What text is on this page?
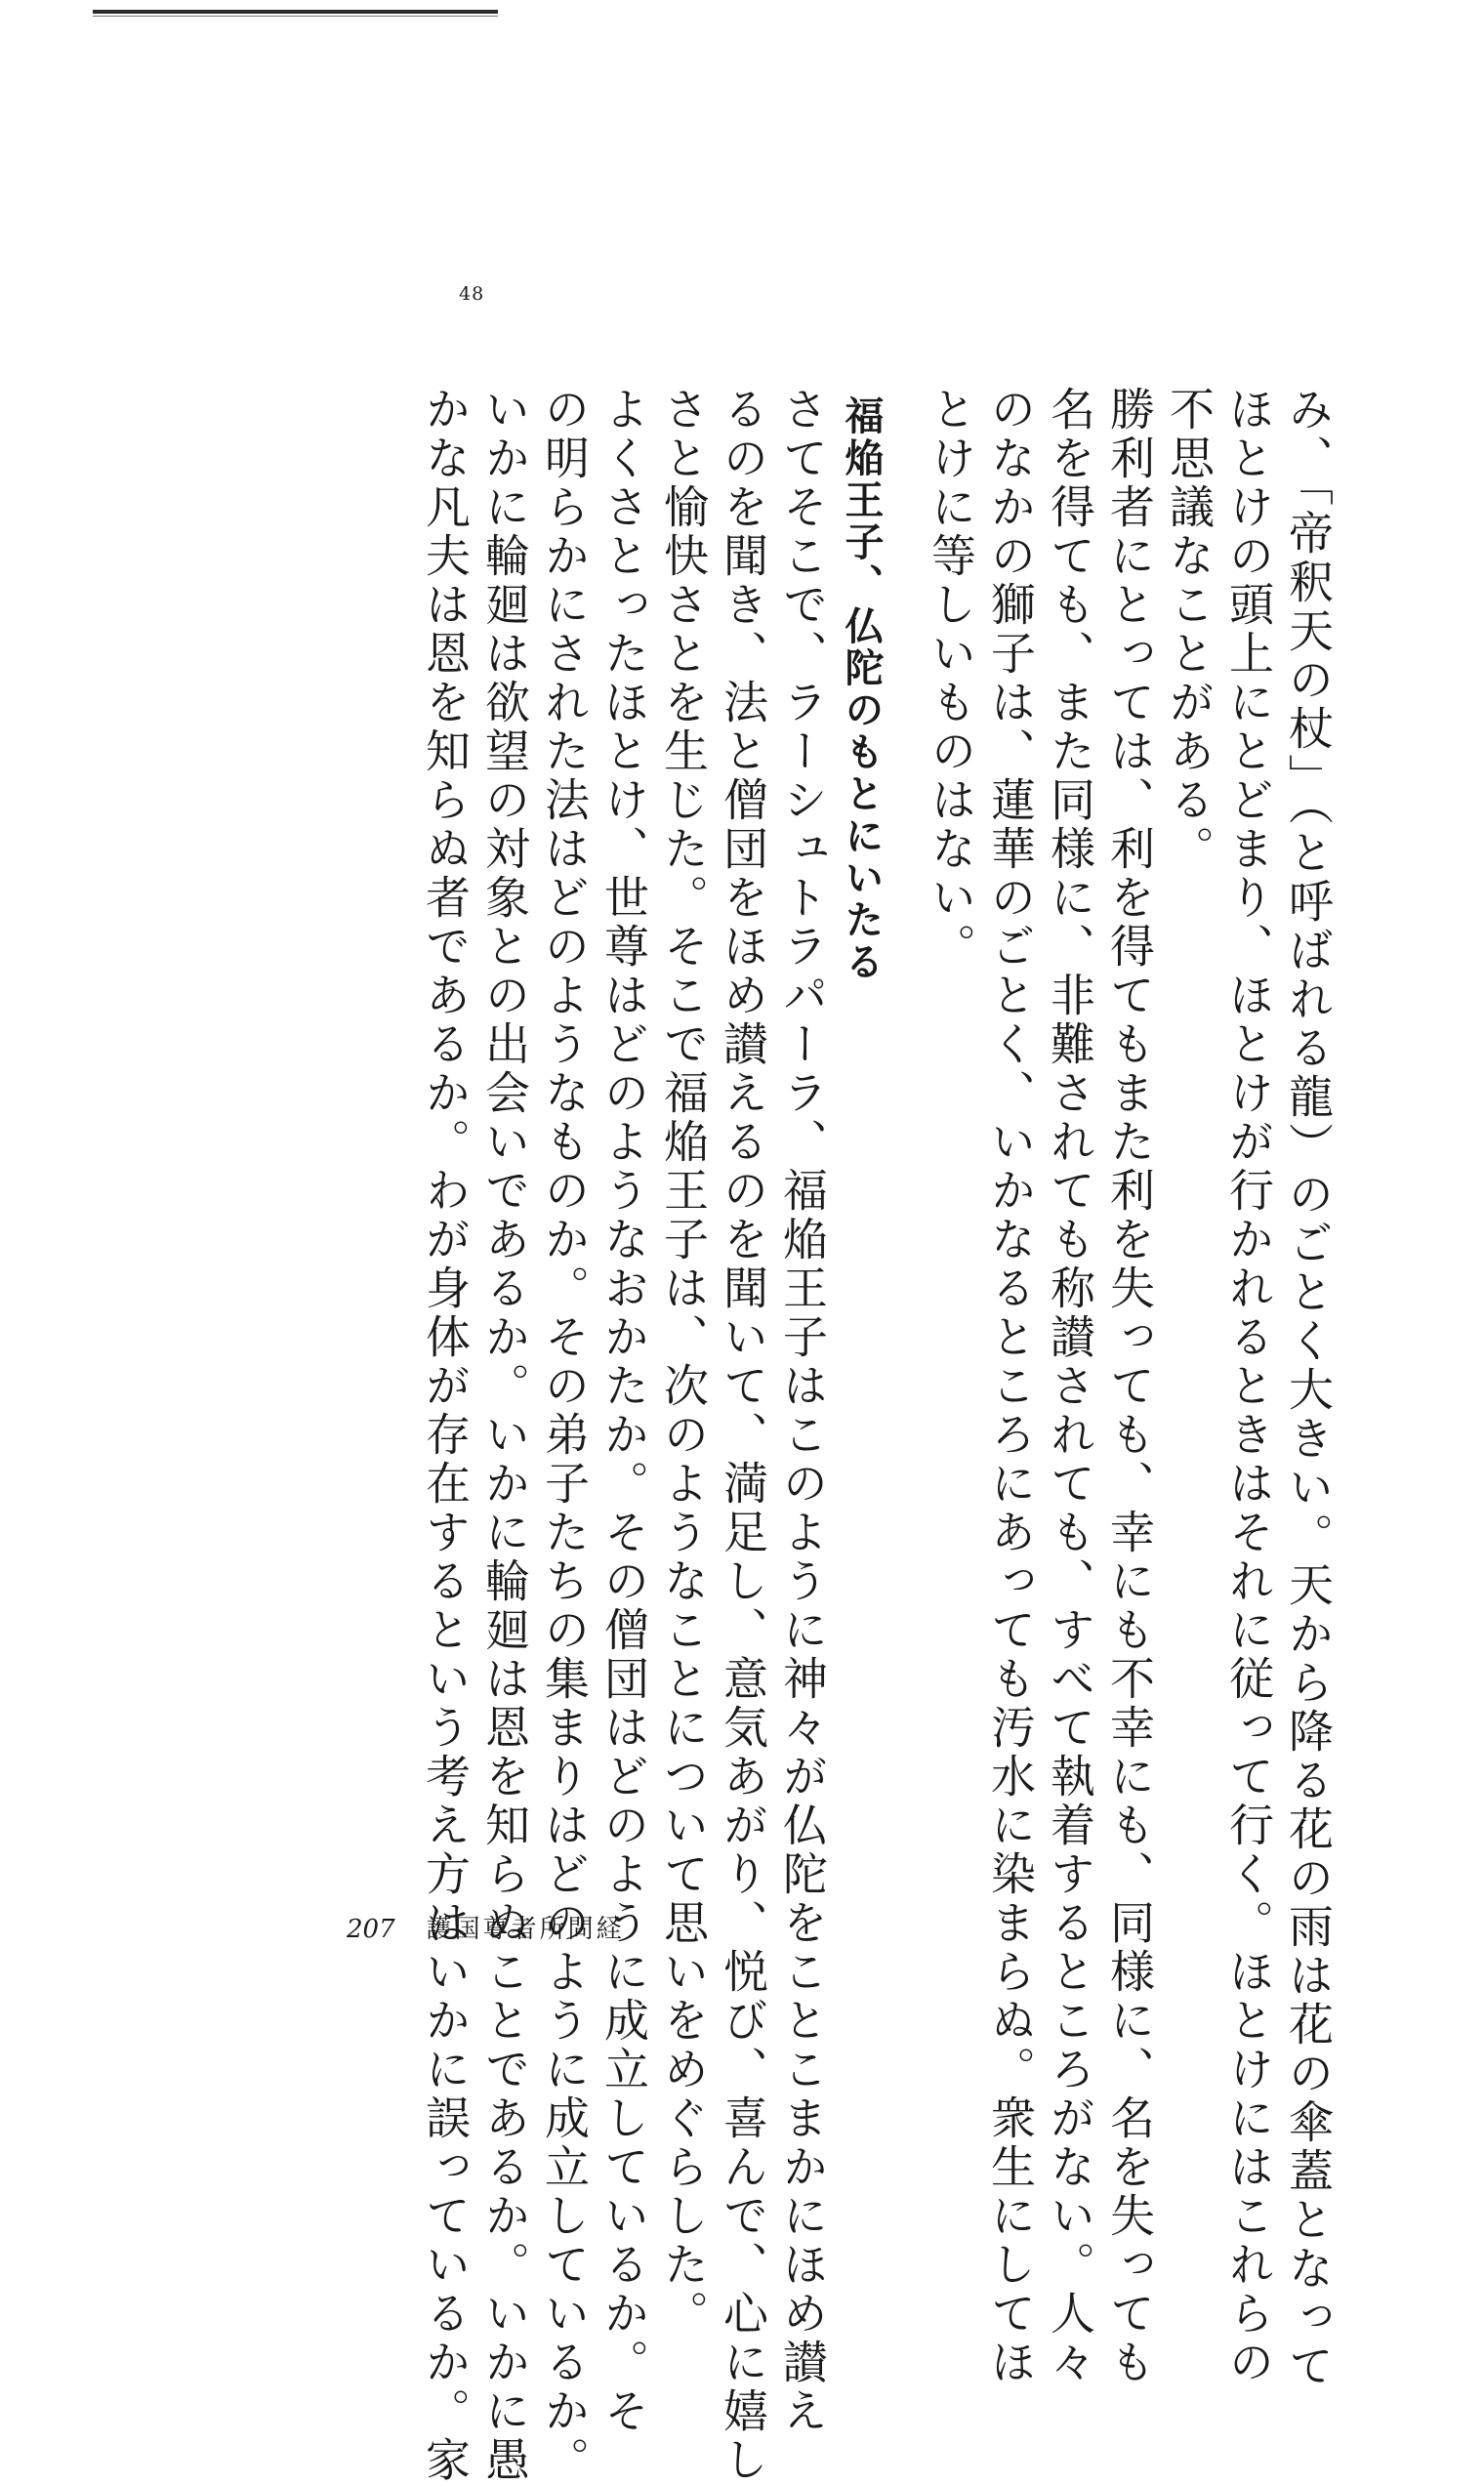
48
み、「帝釈天の杖」（と呼ばれる龍）のごとく大きい。天から降る花の雨は花の傘蓋となって
ほとけの頭上にとどまり、ほとけが行かれるときはそれに従って行く。ほとけにはこれらの
不思議なことがある。
勝利者にとっては、利を得てもまた利を失っても、幸にも不幸にも、同様に、名を失っても
名を得ても、また同様に、非難されても称讃されても、すべて執着するところがない。人々
のなかの獅子は、蓮華のごとく、いかなるところにあっても汚水に染まらぬ。衆生にしてほ
とけに等しいものはない。
福焔王子、仏陀のもとにいたる
さてそこで、ラーシュトラパーラ、福焔王子はこのように神々が仏陀をことこまかにほめ讃え
るのを聞き、法と僧団をほめ讃えるのを聞いて、満足し、意気あがり、悦び、喜んで、心に嬉し
さと愉快さとを生じた。そこで福焔王子は、次のようなことについて思いをめぐらした。
よくさとったほとけ、世尊はどのようなおかたか。その僧団はどのように成立しているか。そ
の明らかにされた法はどのようなものか。その弟子たちの集まりはどのように成立しているか。
いかに輪廻は欲望の対象との出会いであるか。いかに輪廻は恩を知らぬことであるか。いかに愚
かな凡夫は恩を知らぬ者であるか。わが身体が存在するという考え方はいかに誤っているか。家
207 護国尊者所問経
